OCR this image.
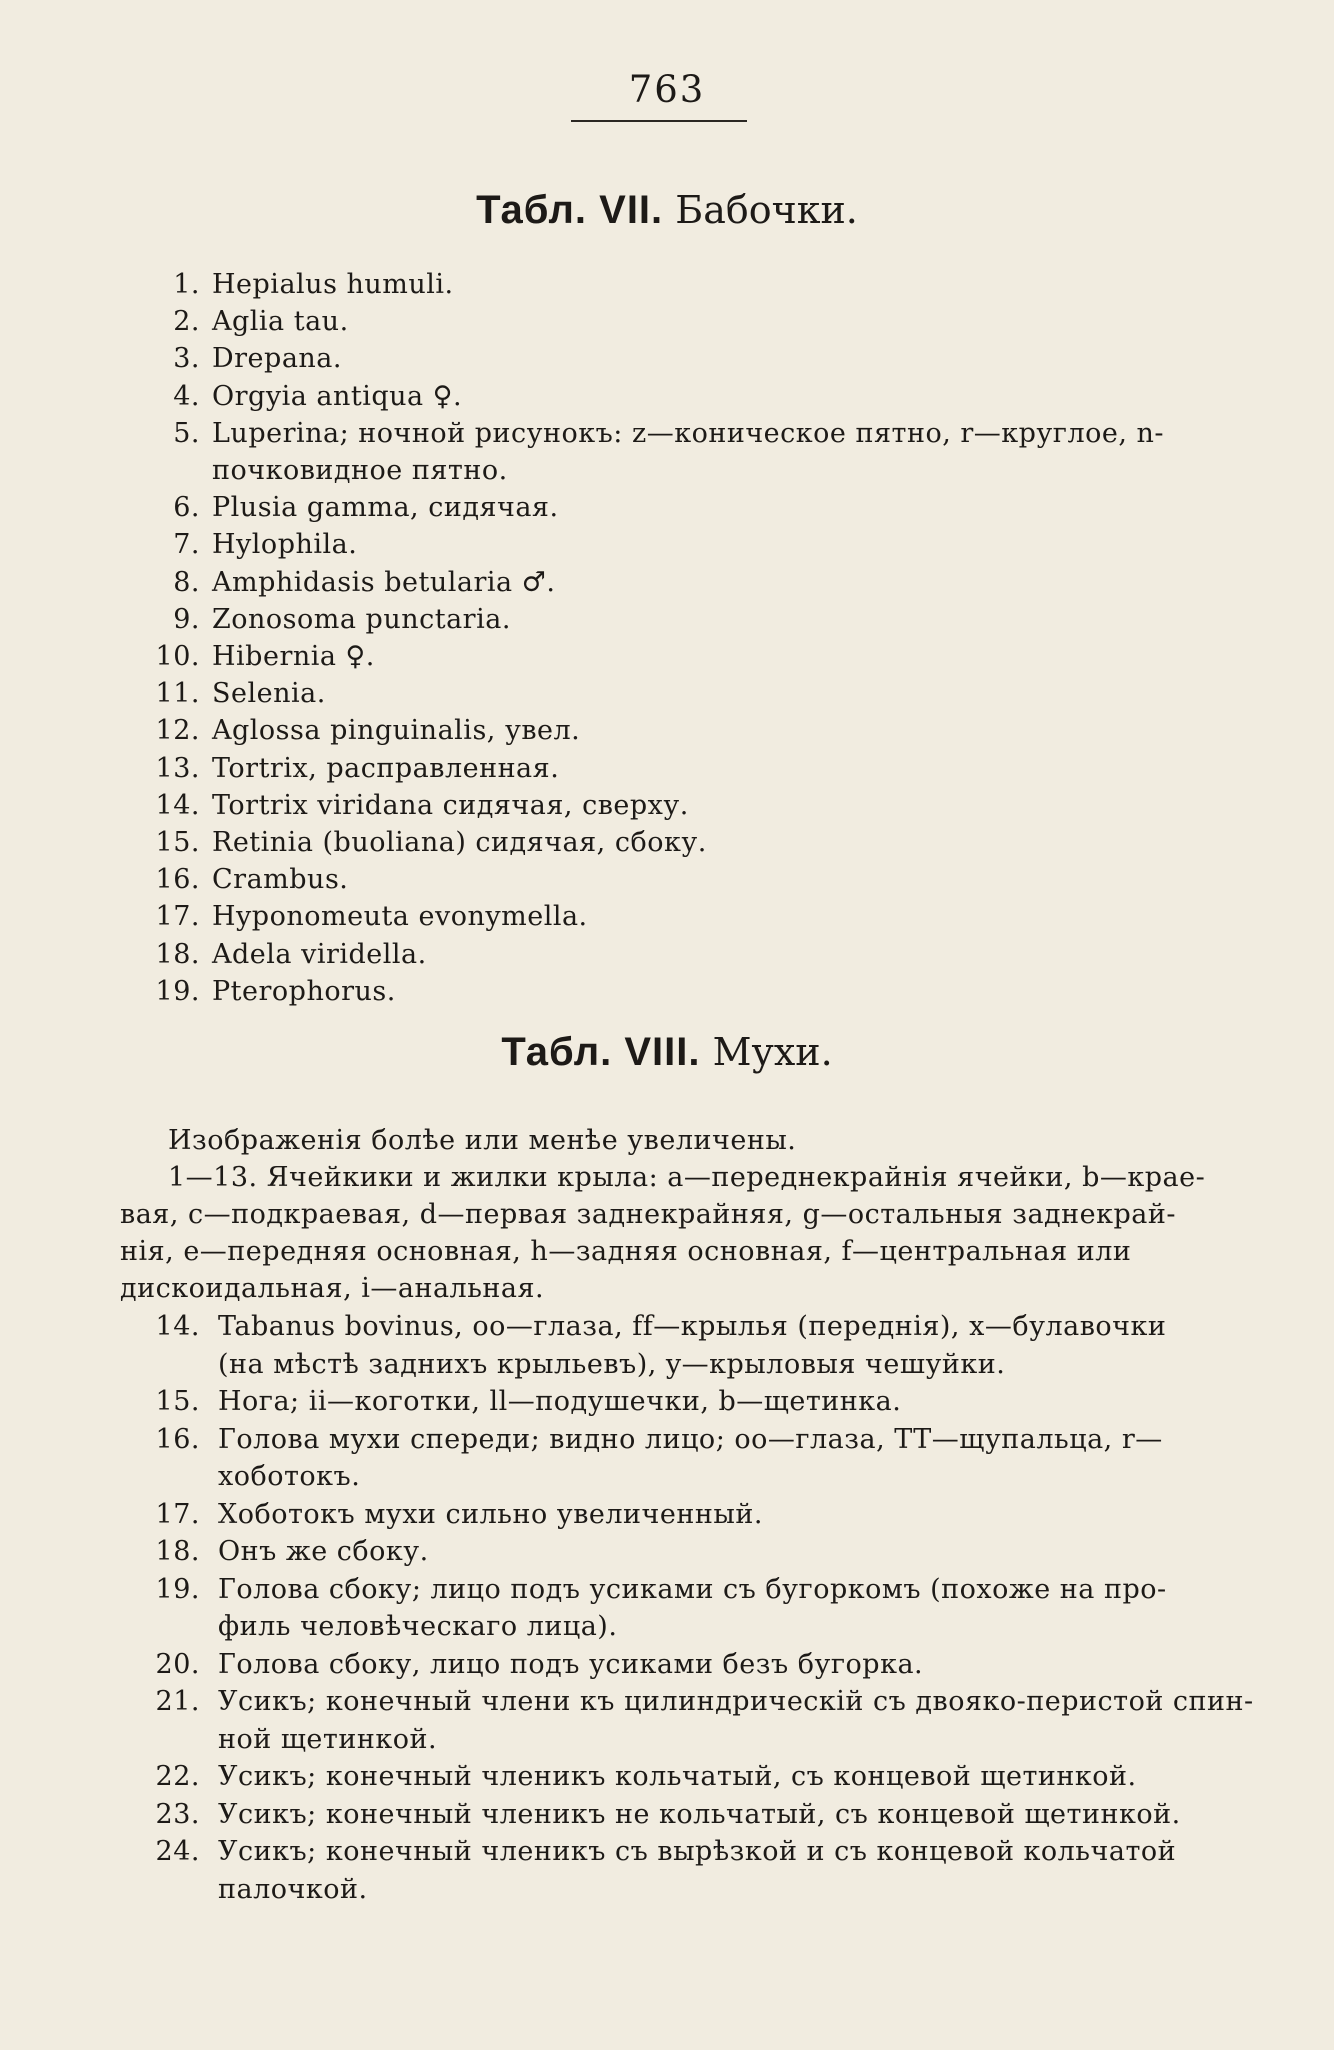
763
Табл. VII. Бабочки.
1. Hepialus humuli.
2. Aglia tau.
3. Drepana.
4. Orgyia antiqua ♀.
5. Luperina; ночной рисунокъ: z—коническое пятно, r—круглое, n-
почковидное пятно.
6. Plusia gamma, сидячая.
7. Hylophila.
8. Amphidasis betularia ♂.
9. Zonosoma punctaria.
10. Hibernia ♀.
11. Selenia.
12. Aglossa pinguinalis, увел.
13. Tortrix, расправленная.
14. Tortrix viridana сидячая, сверху.
15. Retinia (buoliana) сидячая, сбоку.
16. Crambus.
17. Hyponomeuta evonymella.
18. Adela viridella.
19. Pterophorus.
Табл. VIII. Мухи.
Изображенія болѣе или менѣе увеличены.
1—13. Ячейкики и жилки крыла: a—переднекрайнія ячейки, b—крае-
вая, c—подкраевая, d—первая заднекрайняя, g—остальныя заднекрай-
нія, e—передняя основная, h—задняя основная, f—центральная или
дискоидальная, i—анальная.
14. Tabanus bovinus, oo—глаза, ff—крылья (переднія), x—булавочки
(на мѣстѣ заднихъ крыльевъ), y—крыловыя чешуйки.
15. Нога; ii—коготки, ll—подушечки, b—щетинка.
16. Голова мухи спереди; видно лицо; oo—глаза, TT—щупальца, r—
хоботокъ.
17. Хоботокъ мухи сильно увеличенный.
18. Онъ же сбоку.
19. Голова сбоку; лицо подъ усиками съ бугоркомъ (похоже на про-
филь человѣческаго лица).
20. Голова сбоку, лицо подъ усиками безъ бугорка.
21. Усикъ; конечный члени къ цилиндрическій съ двояко-перистой спин-
ной щетинкой.
22. Усикъ; конечный членикъ кольчатый, съ концевой щетинкой.
23. Усикъ; конечный членикъ не кольчатый, съ концевой щетинкой.
24. Усикъ; конечный членикъ съ вырѣзкой и съ концевой кольчатой
палочкой.
